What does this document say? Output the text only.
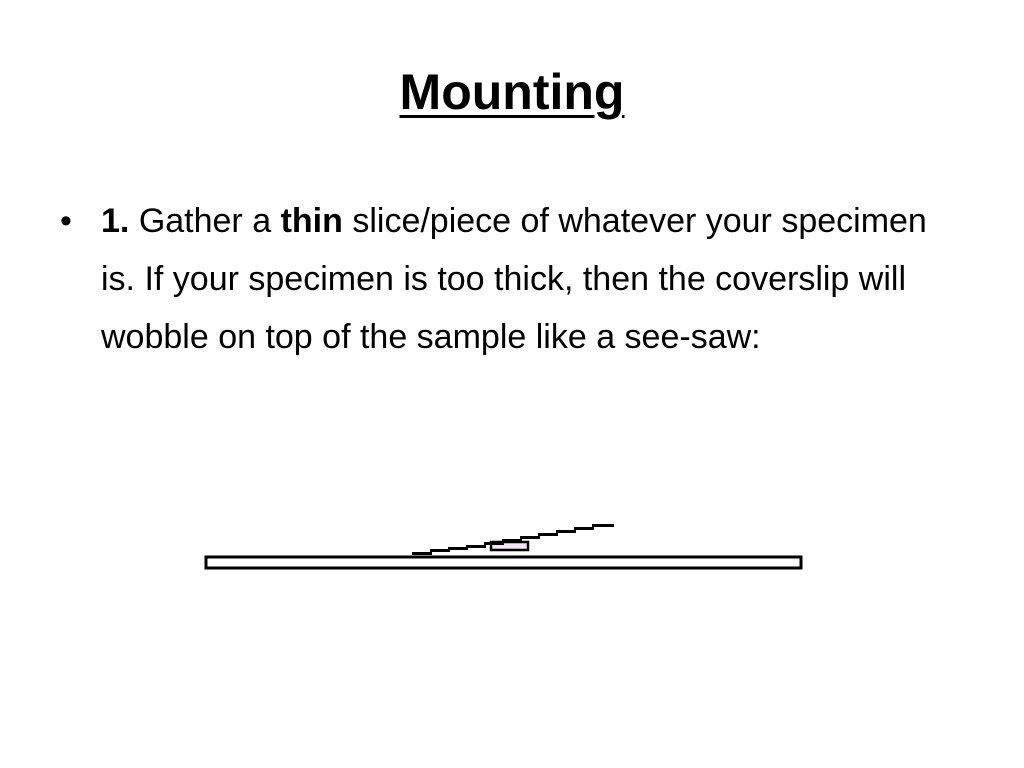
Mounting
• 1. Gather a thin slice/piece of whatever your specimen is. If your specimen is too thick, then the coverslip will wobble on top of the sample like a see-saw:
